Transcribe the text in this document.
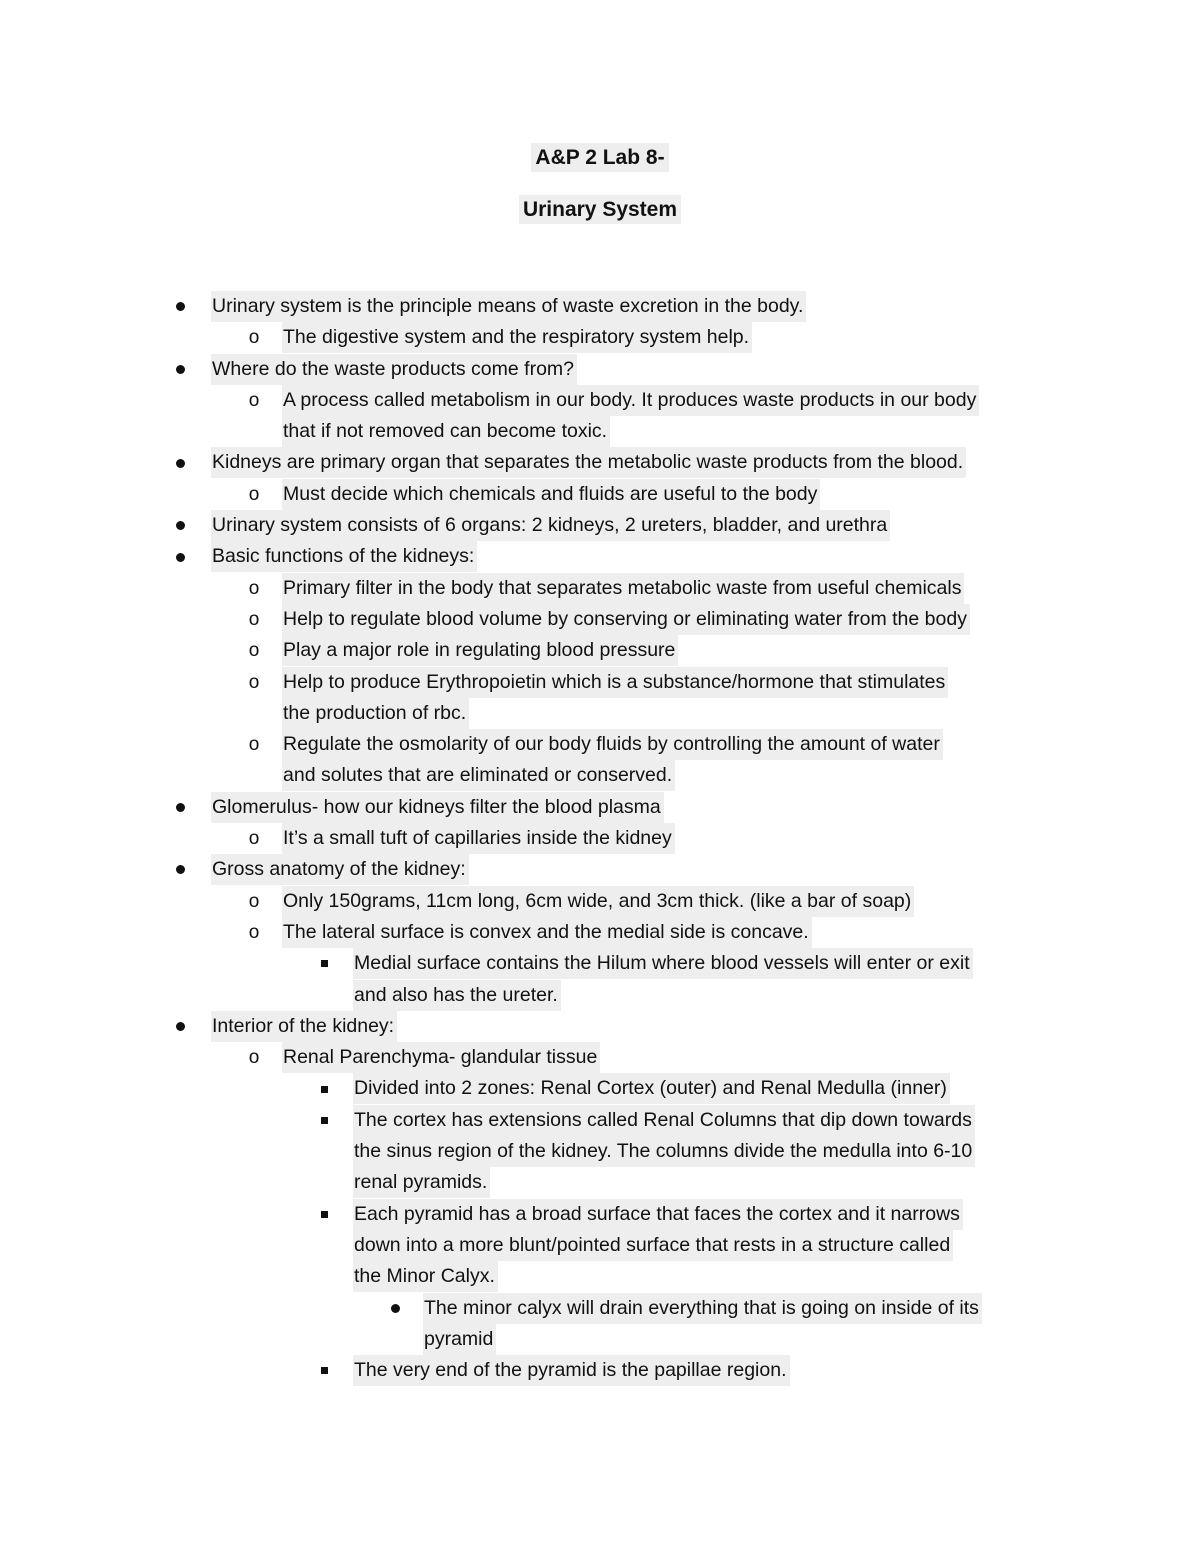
A&P 2 Lab 8-
Urinary System
Urinary system is the principle means of waste excretion in the body.
o The digestive system and the respiratory system help.
Where do the waste products come from?
o A process called metabolism in our body. It produces waste products in our body
that if not removed can become toxic.
Kidneys are primary organ that separates the metabolic waste products from the blood.
o Must decide which chemicals and fluids are useful to the body
Urinary system consists of 6 organs: 2 kidneys, 2 ureters, bladder, and urethra
Basic functions of the kidneys:
o Primary filter in the body that separates metabolic waste from useful chemicals
o Help to regulate blood volume by conserving or eliminating water from the body
o Play a major role in regulating blood pressure
o Help to produce Erythropoietin which is a substance/hormone that stimulates
the production of rbc.
o Regulate the osmolarity of our body fluids by controlling the amount of water
and solutes that are eliminated or conserved.
Glomerulus- how our kidneys filter the blood plasma
o It’s a small tuft of capillaries inside the kidney
Gross anatomy of the kidney:
o Only 150grams, 11cm long, 6cm wide, and 3cm thick. (like a bar of soap)
o The lateral surface is convex and the medial side is concave.
Medial surface contains the Hilum where blood vessels will enter or exit
and also has the ureter.
Interior of the kidney:
o Renal Parenchyma- glandular tissue
Divided into 2 zones: Renal Cortex (outer) and Renal Medulla (inner)
The cortex has extensions called Renal Columns that dip down towards
the sinus region of the kidney. The columns divide the medulla into 6-10
renal pyramids.
Each pyramid has a broad surface that faces the cortex and it narrows
down into a more blunt/pointed surface that rests in a structure called
the Minor Calyx.
The minor calyx will drain everything that is going on inside of its
pyramid
The very end of the pyramid is the papillae region.
